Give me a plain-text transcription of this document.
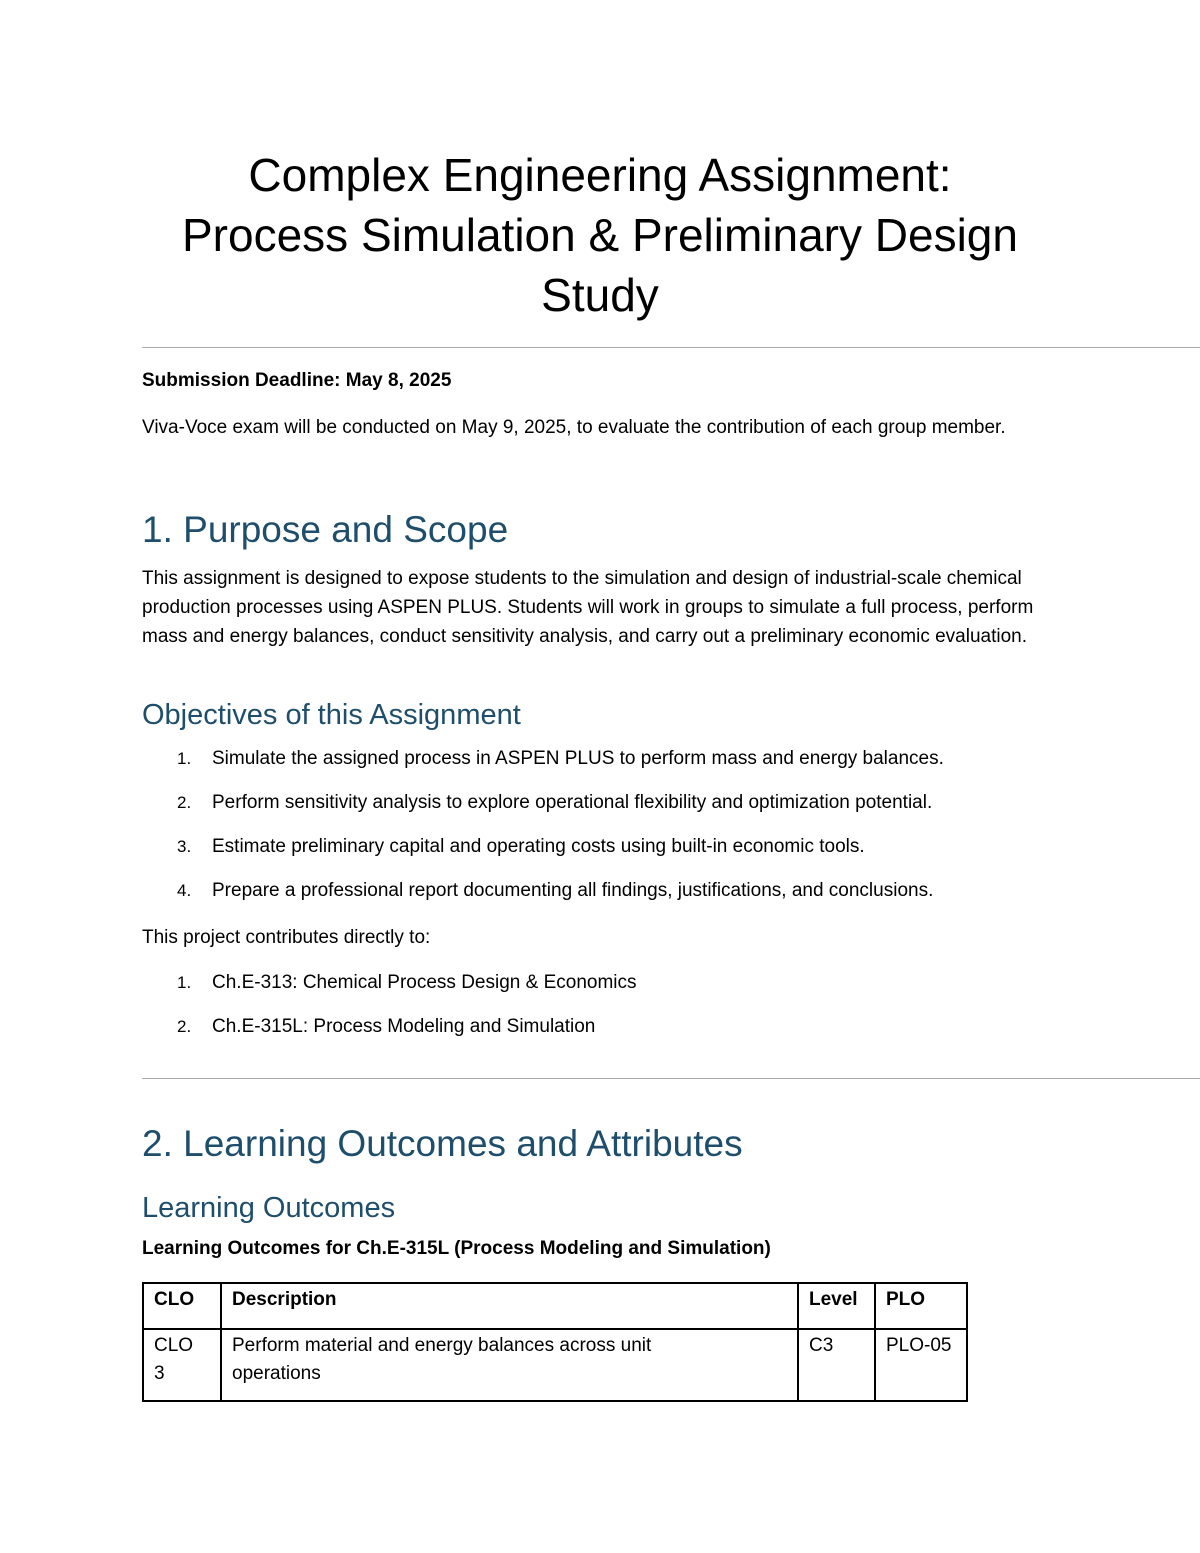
Complex Engineering Assignment:
Process Simulation & Preliminary Design
Study

Submission Deadline: May 8, 2025

Viva-Voce exam will be conducted on May 9, 2025, to evaluate the contribution of each group member.

1. Purpose and Scope

This assignment is designed to expose students to the simulation and design of industrial-scale chemical production processes using ASPEN PLUS. Students will work in groups to simulate a full process, perform mass and energy balances, conduct sensitivity analysis, and carry out a preliminary economic evaluation.

Objectives of this Assignment
1. Simulate the assigned process in ASPEN PLUS to perform mass and energy balances.
2. Perform sensitivity analysis to explore operational flexibility and optimization potential.
3. Estimate preliminary capital and operating costs using built-in economic tools.
4. Prepare a professional report documenting all findings, justifications, and conclusions.

This project contributes directly to:

1. Ch.E-313: Chemical Process Design & Economics
2. Ch.E-315L: Process Modeling and Simulation
2. Learning Outcomes and Attributes
Learning Outcomes

Learning Outcomes for Ch.E-315L (Process Modeling and Simulation)

CLO	Description	Level	PLO
CLO 3	Perform material and energy balances across unit operations	C3	PLO-05
